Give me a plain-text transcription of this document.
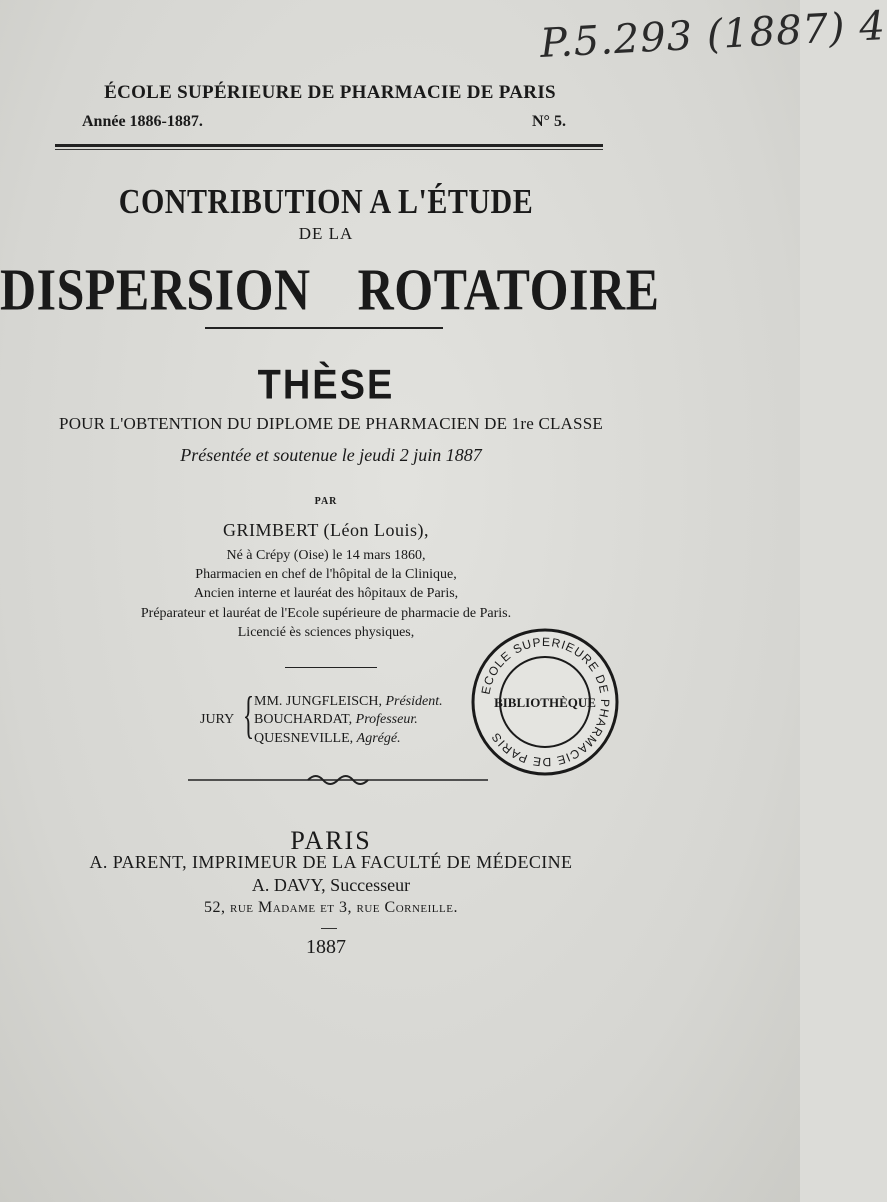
P.5.293 (1887) 4
ÉCOLE SUPÉRIEURE DE PHARMACIE DE PARIS
Année 1886-1887.	N° 5.
CONTRIBUTION A L'ÉTUDE
DE LA
DISPERSION ROTATOIRE
THÈSE
POUR L'OBTENTION DU DIPLOME DE PHARMACIEN DE 1re CLASSE
Présentée et soutenue le jeudi 2 juin 1887
PAR
GRIMBERT (Léon Louis),
Né à Crépy (Oise) le 14 mars 1860,
Pharmacien en chef de l'hôpital de la Clinique,
Ancien interne et lauréat des hôpitaux de Paris,
Préparateur et lauréat de l'Ecole supérieure de pharmacie de Paris.
Licencié ès sciences physiques,
JURY { MM. JUNGFLEISCH, Président.
BOUCHARDAT, Professeur.
QUESNEVILLE, Agrégé.
ECOLE SUPERIEURE DE PHARMACIE DE PARIS
BIBLIOTHÈQUE
PARIS
A. PARENT, IMPRIMEUR DE LA FACULTÉ DE MÉDECINE
A. DAVY, Successeur
52, rue Madame et 3, rue Corneille.
1887
